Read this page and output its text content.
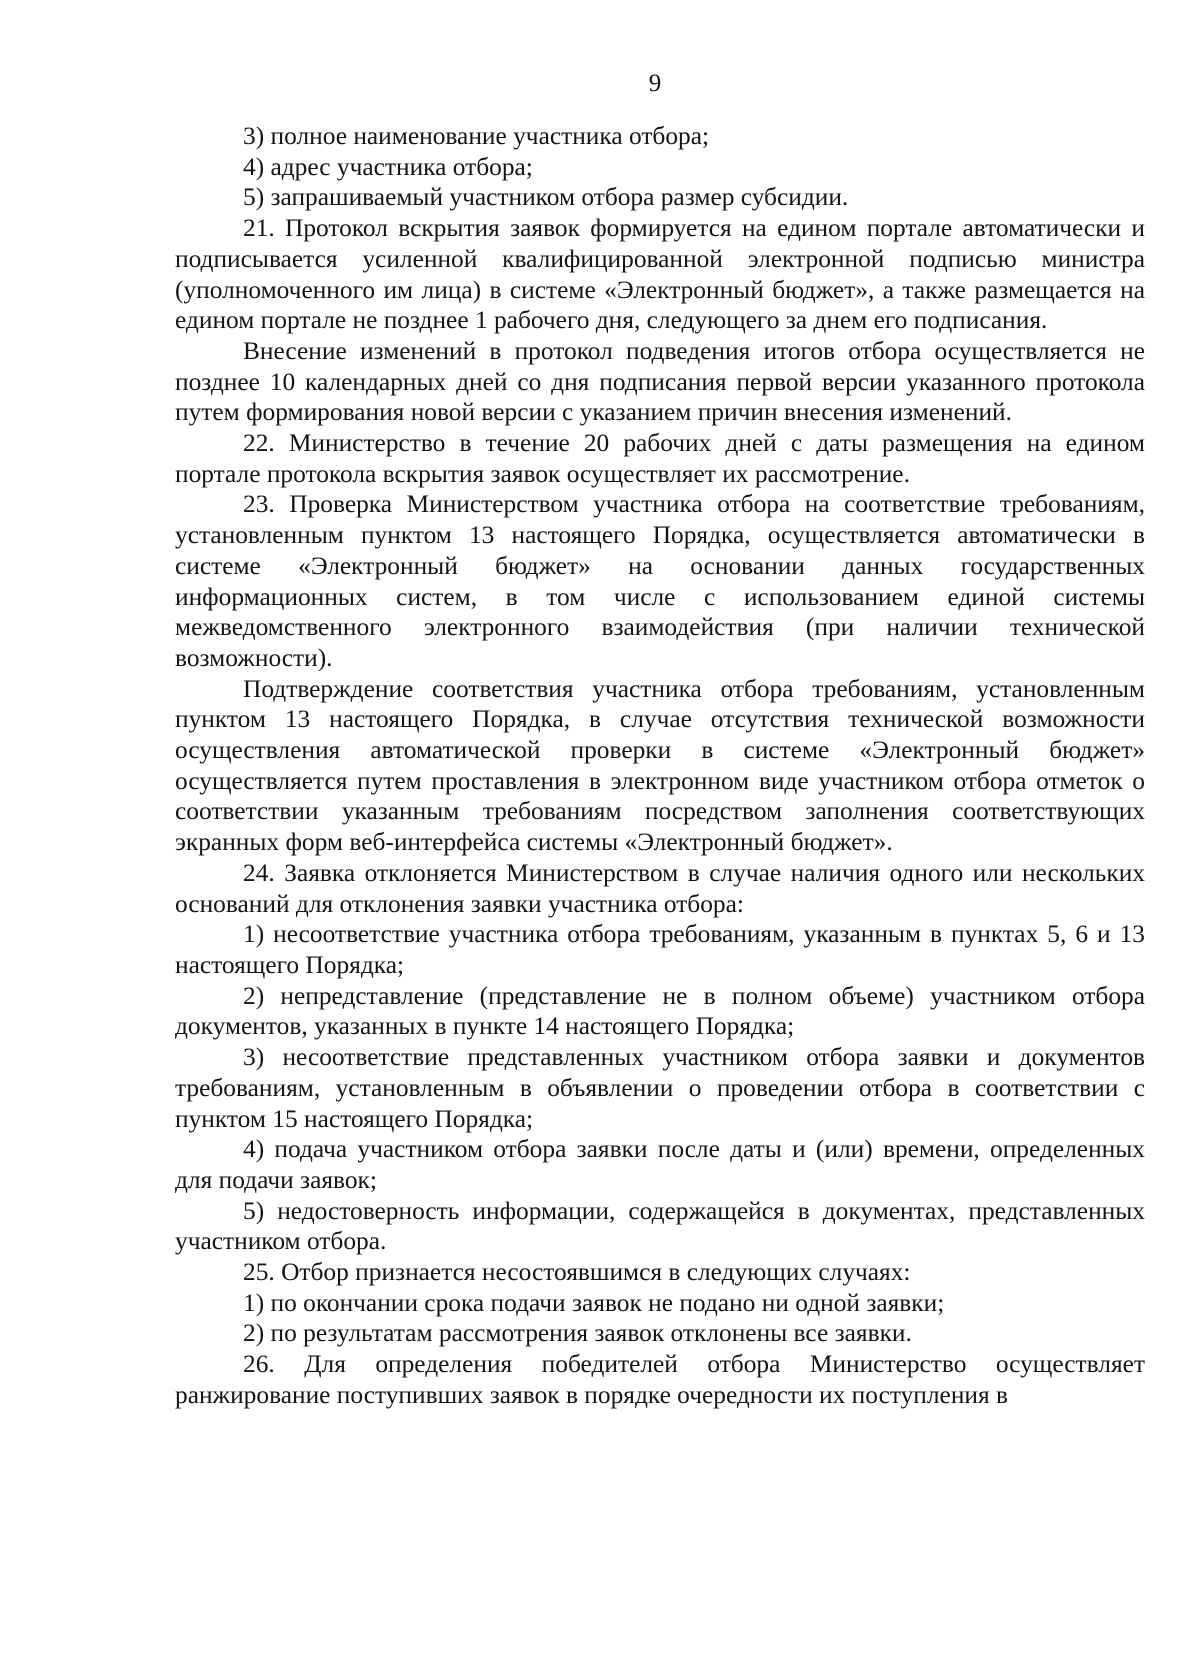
9

3) полное наименование участника отбора;

4) адрес участника отбора;

5) запрашиваемый участником отбора размер субсидии.

21. Протокол вскрытия заявок формируется на едином портале автоматически и подписывается усиленной квалифицированной электронной подписью министра (уполномоченного им лица) в системе «Электронный бюджет», а также размещается на едином портале не позднее 1 рабочего дня, следующего за днем его подписания.

Внесение изменений в протокол подведения итогов отбора осуществляется не позднее 10 календарных дней со дня подписания первой версии указанного протокола путем формирования новой версии с указанием причин внесения изменений.

22. Министерство в течение 20 рабочих дней с даты размещения на едином портале протокола вскрытия заявок осуществляет их рассмотрение.

23. Проверка Министерством участника отбора на соответствие требованиям, установленным пунктом 13 настоящего Порядка, осуществляется автоматически в системе «Электронный бюджет» на основании данных государственных информационных систем, в том числе с использованием единой системы межведомственного электронного взаимодействия (при наличии технической возможности).

Подтверждение соответствия участника отбора требованиям, установленным пунктом 13 настоящего Порядка, в случае отсутствия технической возможности осуществления автоматической проверки в системе «Электронный бюджет» осуществляется путем проставления в электронном виде участником отбора отметок о соответствии указанным требованиям посредством заполнения соответствующих экранных форм веб-интерфейса системы «Электронный бюджет».

24. Заявка отклоняется Министерством в случае наличия одного или нескольких оснований для отклонения заявки участника отбора:

1) несоответствие участника отбора требованиям, указанным в пунктах 5, 6 и 13 настоящего Порядка;

2) непредставление (представление не в полном объеме) участником отбора документов, указанных в пункте 14 настоящего Порядка;

3) несоответствие представленных участником отбора заявки и документов требованиям, установленным в объявлении о проведении отбора в соответствии с пунктом 15 настоящего Порядка;

4) подача участником отбора заявки после даты и (или) времени, определенных для подачи заявок;

5) недостоверность информации, содержащейся в документах, представленных участником отбора.

25. Отбор признается несостоявшимся в следующих случаях:

1) по окончании срока подачи заявок не подано ни одной заявки;

2) по результатам рассмотрения заявок отклонены все заявки.

26. Для определения победителей отбора Министерство осуществляет ранжирование поступивших заявок в порядке очередности их поступления в
